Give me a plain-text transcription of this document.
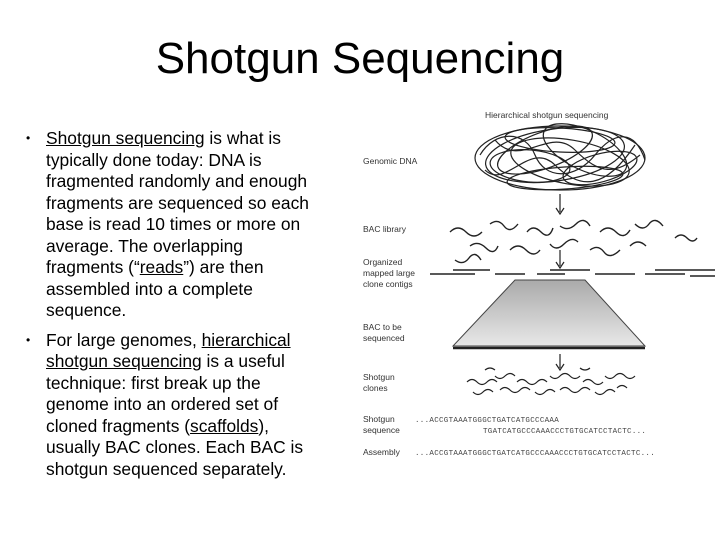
Shotgun Sequencing
• Shotgun sequencing is what is typically done today: DNA is fragmented randomly and enough fragments are sequenced so each base is read 10 times or more on average. The overlapping fragments (“reads”) are then assembled into a complete sequence.
• For large genomes, hierarchical shotgun sequencing is a useful technique: first break up the genome into an ordered set of cloned fragments (scaffolds), usually BAC clones. Each BAC is shotgun sequenced separately.
Hierarchical shotgun sequencing
Genomic DNA
BAC library
Organized
mapped large
clone contigs
BAC to be
sequenced
Shotgun
clones
Shotgun
sequence
...ACCGTAAATGGGCTGATCATGCCCAAA
TGATCATGCCCAAACCCTGTGCATCCTACTC...
Assembly ...ACCGTAAATGGGCTGATCATGCCCAAACCCTGTGCATCCTACTC...
